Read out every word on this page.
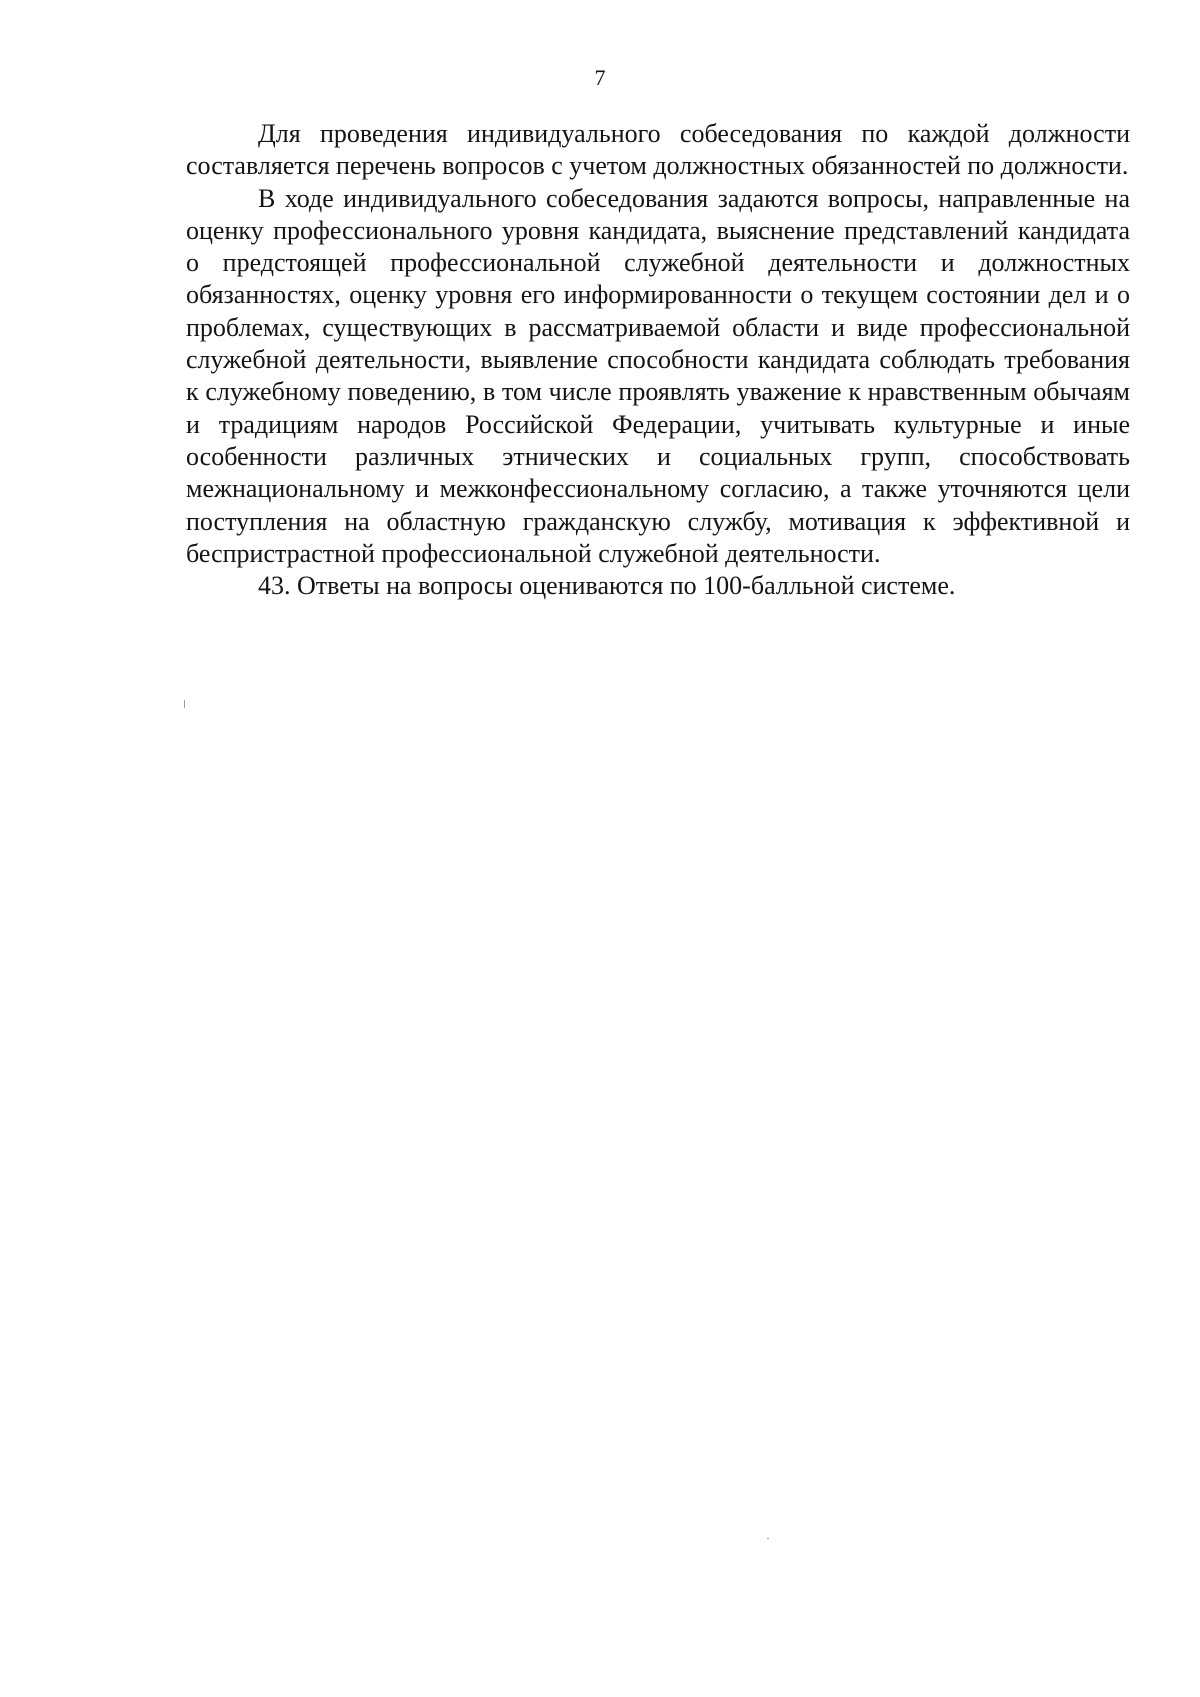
7

Для проведения индивидуального собеседования по каждой должности составляется перечень вопросов с учетом должностных обязанностей по должности.

В ходе индивидуального собеседования задаются вопросы, направленные на оценку профессионального уровня кандидата, выяснение представлений кандидата о предстоящей профессиональной служебной деятельности и должностных обязанностях, оценку уровня его информированности о текущем состоянии дел и о проблемах, существующих в рассматриваемой области и виде профессиональной служебной деятельности, выявление способности кандидата соблюдать требования к служебному поведению, в том числе проявлять уважение к нравственным обычаям и традициям народов Российской Федерации, учитывать культурные и иные особенности различных этнических и социальных групп, способствовать межнациональному и межконфессиональному согласию, а также уточняются цели поступления на областную гражданскую службу, мотивация к эффективной и беспристрастной профессиональной служебной деятельности.

43. Ответы на вопросы оцениваются по 100-балльной системе.
